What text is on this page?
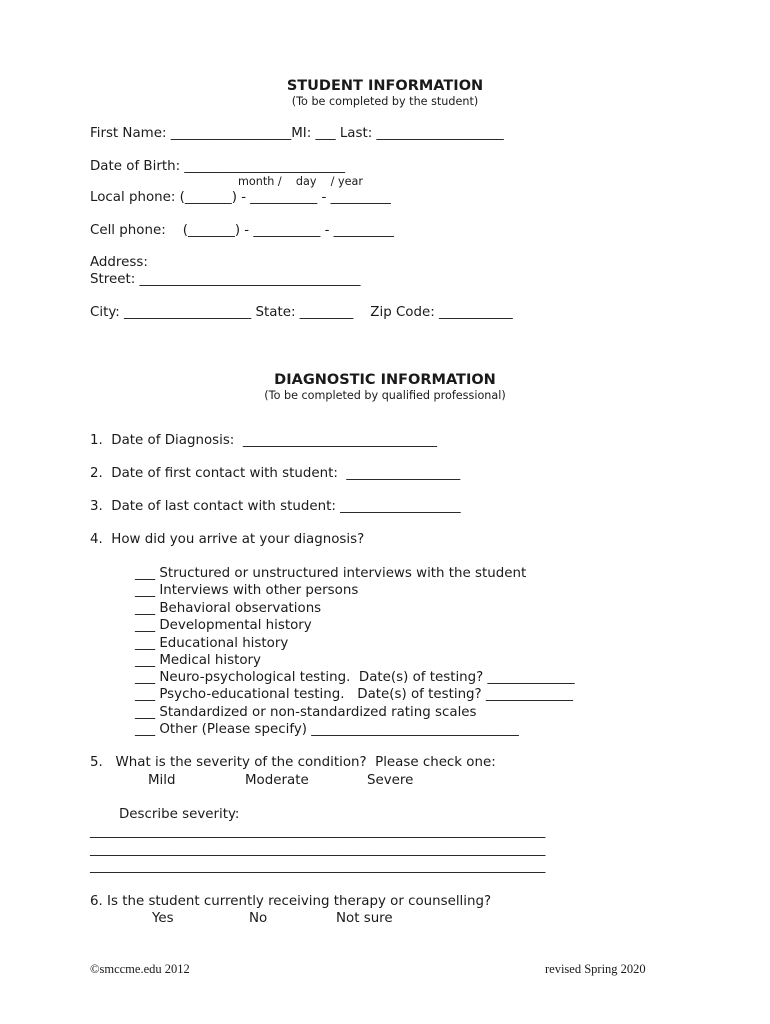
STUDENT INFORMATION
(To be completed by the student)
First Name: __________________MI: ___ Last: ___________________
Date of Birth: ________________________
month /    day    / year
Local phone: (_______) - __________ - _________
Cell phone:    (_______) - __________ - _________
Address:
Street: _________________________________
City: ___________________ State: ________    Zip Code: ___________
DIAGNOSTIC INFORMATION
(To be completed by qualified professional)
1.  Date of Diagnosis:  _____________________________
2.  Date of first contact with student:  _________________
3.  Date of last contact with student: __________________
4.  How did you arrive at your diagnosis?
___ Structured or unstructured interviews with the student
___ Interviews with other persons
___ Behavioral observations
___ Developmental history
___ Educational history
___ Medical history
___ Neuro-psychological testing.  Date(s) of testing? _____________
___ Psycho-educational testing.   Date(s) of testing? _____________
___ Standardized or non-standardized rating scales
___ Other (Please specify) _______________________________
5.   What is the severity of the condition?  Please check one:
Mild	Moderate	Severe
Describe severity:
____________________________________________________________________
____________________________________________________________________
____________________________________________________________________
6. Is the student currently receiving therapy or counselling?
Yes	No	Not sure
©smccme.edu 2012	revised Spring 2020
